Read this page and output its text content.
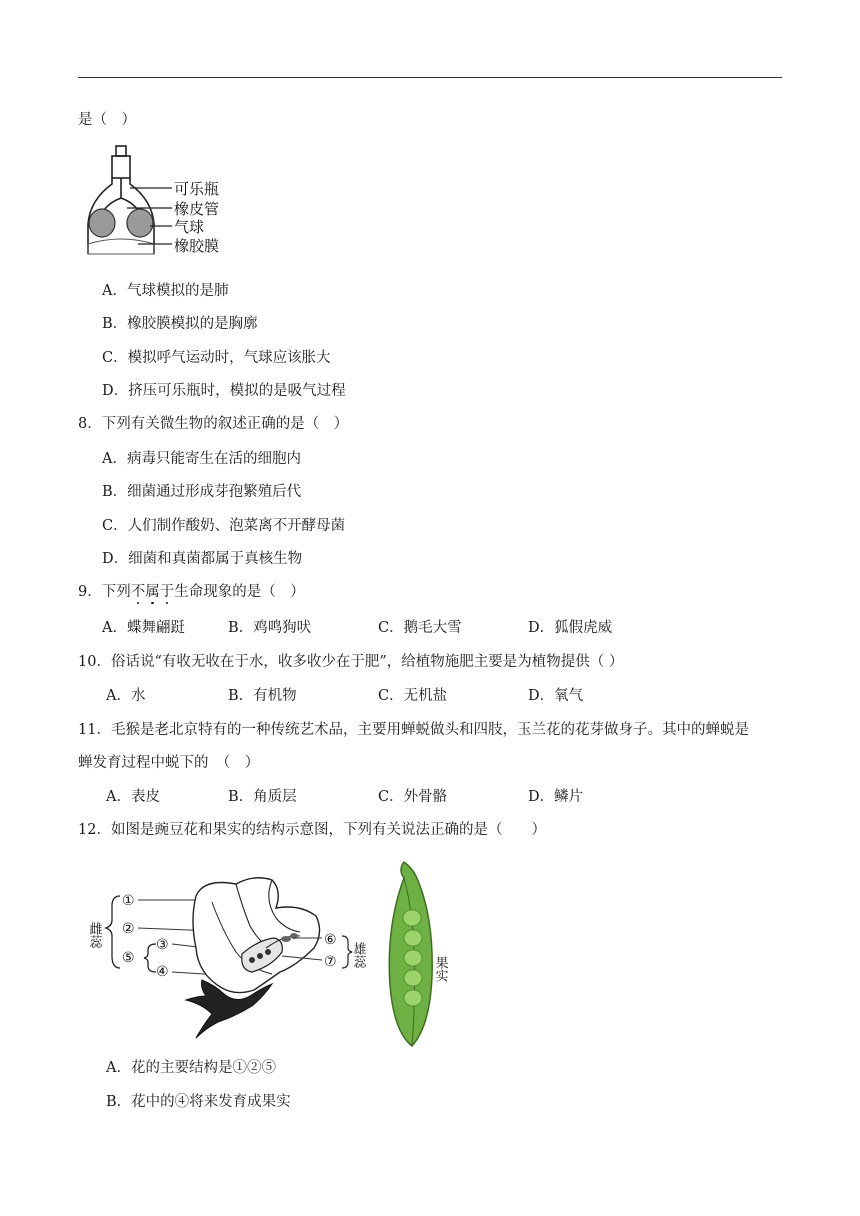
是（　）
可乐瓶
橡皮管
气球
橡胶膜
A．气球模拟的是肺
B．橡胶膜模拟的是胸廓
C．模拟呼气运动时，气球应该胀大
D．挤压可乐瓶时，模拟的是吸气过程
8．下列有关微生物的叙述正确的是（　）
A．病毒只能寄生在活的细胞内
B．细菌通过形成芽孢繁殖后代
C．人们制作酸奶、泡菜离不开酵母菌
D．细菌和真菌都属于真核生物
9．下列不属于生命现象的是（　）
A．蝶舞翩跹	B．鸡鸣狗吠	C．鹅毛大雪	D．狐假虎威
10．俗话说“有收无收在于水，收多收少在于肥”，给植物施肥主要是为植物提供（ ）
A．水	B．有机物	C．无机盐	D．氧气
11．毛猴是老北京特有的一种传统艺术品，主要用蝉蜕做头和四肢，玉兰花的花芽做身子。其中的蝉蜕是
蝉发育过程中蜕下的　（　）
A．表皮	B．角质层	C．外骨骼	D．鳞片
12．如图是豌豆花和果实的结构示意图，下列有关说法正确的是（　　）
雌蕊
①
②
③
⑤
④
⑥
⑦ 雄蕊
果实
A．花的主要结构是①②⑤
B．花中的④将来发育成果实
